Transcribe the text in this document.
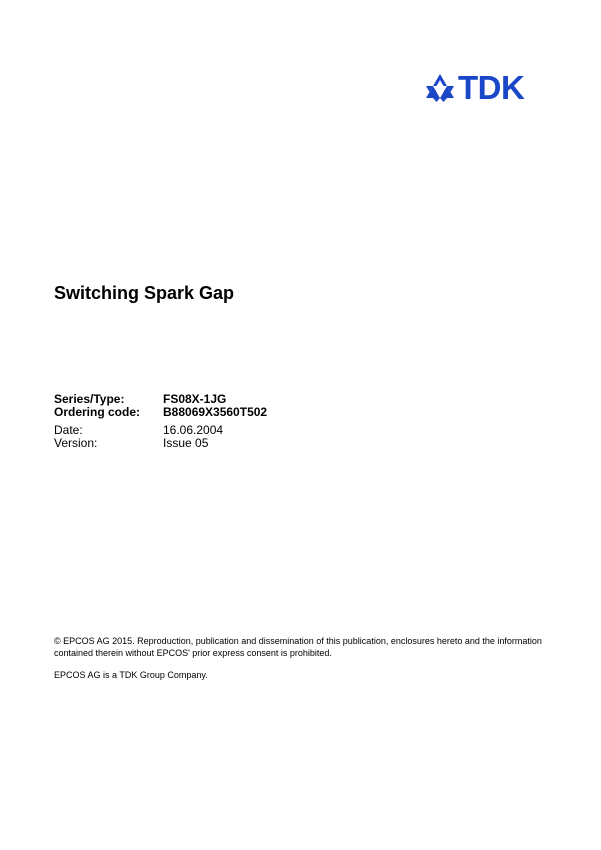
TDK
Switching Spark Gap
Series/Type:	FS08X-1JG
Ordering code:	B88069X3560T502
Date:	16.06.2004
Version:	Issue 05

© EPCOS AG 2015. Reproduction, publication and dissemination of this publication, enclosures hereto and the information contained therein without EPCOS' prior express consent is prohibited.

EPCOS AG is a TDK Group Company.
